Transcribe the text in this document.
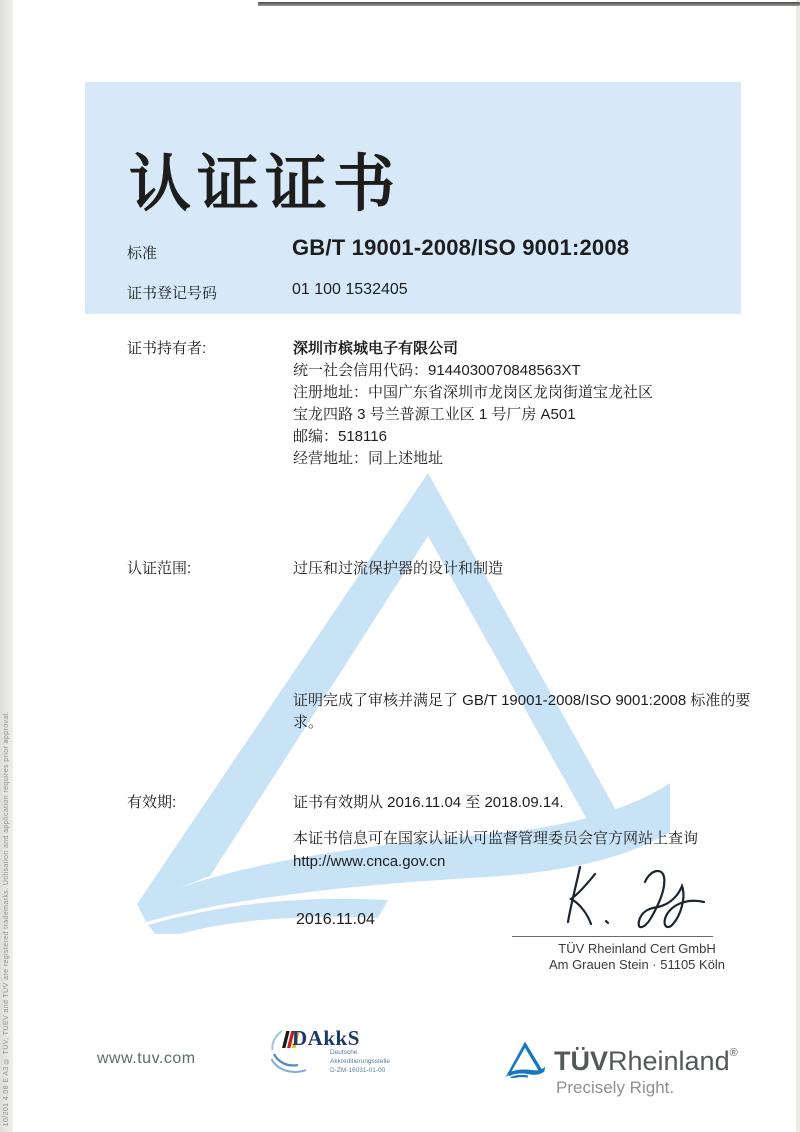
10/201 4.08 E A3 ® TÜV, TUEV and TUV are registered trademarks. Utilisation and application requires prior approval.
认证证书
标准	GB/T 19001-2008/ISO 9001:2008
证书登记号码	01 100 1532405
证书持有者:	深圳市槟城电子有限公司
统一社会信用代码：9144030070848563XT
注册地址：中国广东省深圳市龙岗区龙岗街道宝龙社区
宝龙四路 3 号兰普源工业区 1 号厂房 A501
邮编：518116
经营地址：同上述地址
认证范围:	过压和过流保护器的设计和制造
证明完成了审核并满足了 GB/T 19001-2008/ISO 9001:2008 标准的要求。
有效期:	证书有效期从 2016.11.04 至 2018.09.14.
本证书信息可在国家认证认可监督管理委员会官方网站上查询
http://www.cnca.gov.cn
2016.11.04
TÜV Rheinland Cert GmbH
Am Grauen Stein · 51105 Köln
www.tuv.com
DAkkS
Deutsche
Akkreditierungsstelle
D-ZM-16031-01-00	TÜVRheinland®
Precisely Right.
